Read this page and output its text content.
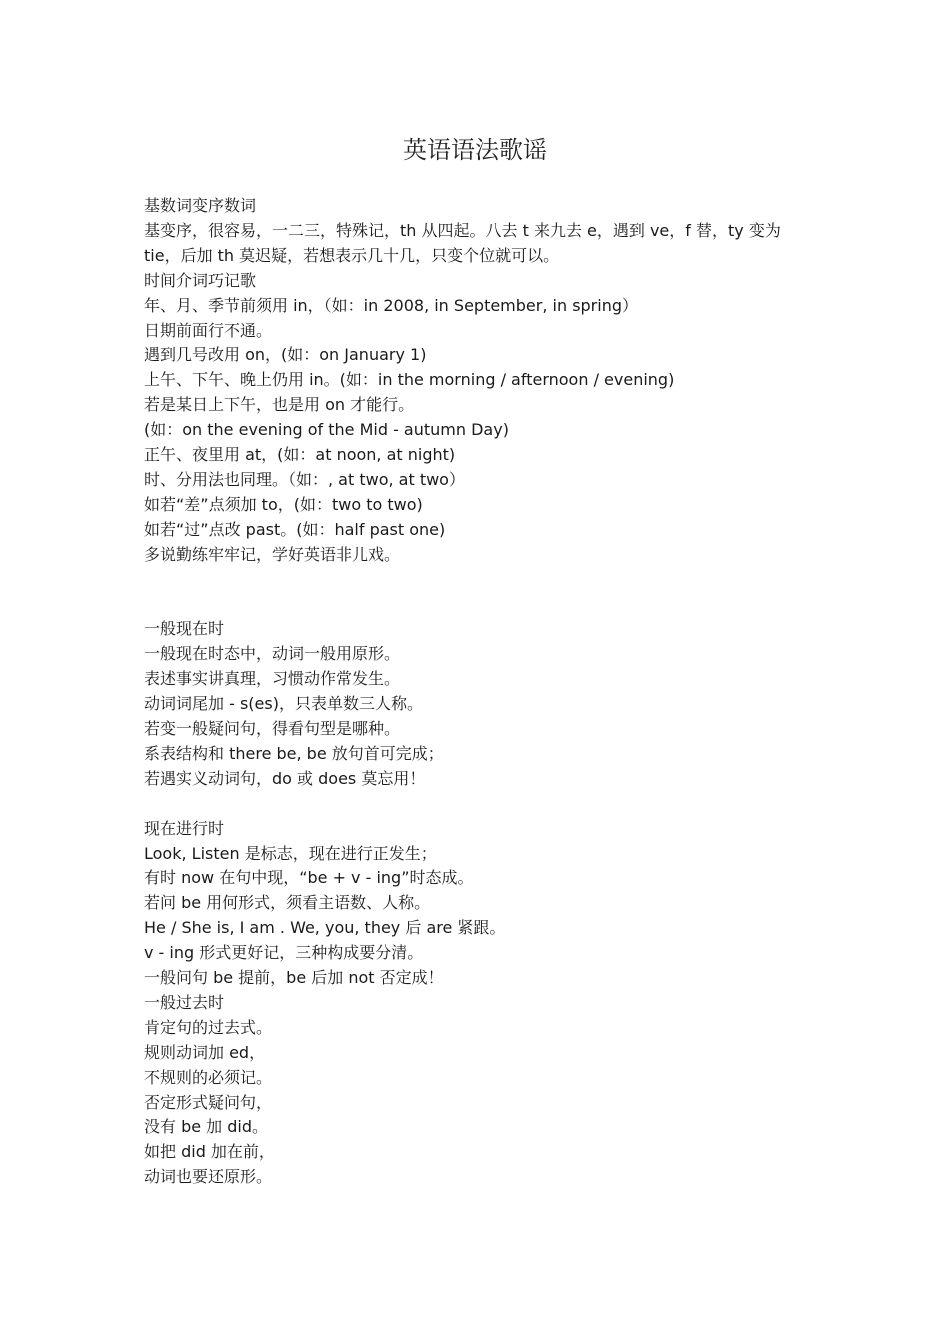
英语语法歌谣
基数词变序数词
基变序，很容易，一二三，特殊记，th 从四起。八去 t 来九去 e，遇到 ve，f 替，ty 变为
tie，后加 th 莫迟疑，若想表示几十几，只变个位就可以。
时间介词巧记歌
年、月、季节前须用 in，（如：in 2008, in September, in spring）
日期前面行不通。
遇到几号改用 on，(如：on January 1)
上午、下午、晚上仍用 in。(如：in the morning / afternoon / evening)
若是某日上下午，也是用 on 才能行。
(如：on the evening of the Mid - autumn Day)
正午、夜里用 at，(如：at noon, at night)
时、分用法也同理。（如：, at two, at two）
如若“差”点须加 to，(如：two to two)
如若“过”点改 past。(如：half past one)
多说勤练牢牢记，学好英语非儿戏。
一般现在时
一般现在时态中，动词一般用原形。
表述事实讲真理，习惯动作常发生。
动词词尾加 - s(es)，只表单数三人称。
若变一般疑问句，得看句型是哪种。
系表结构和 there be, be 放句首可完成；
若遇实义动词句，do 或 does 莫忘用！
现在进行时
Look, Listen 是标志，现在进行正发生；
有时 now 在句中现，“be + v - ing”时态成。
若问 be 用何形式，须看主语数、人称。
He / She is, I am . We, you, they 后 are 紧跟。
v - ing 形式更好记，三种构成要分清。
一般问句 be 提前，be 后加 not 否定成！
一般过去时
肯定句的过去式。
规则动词加 ed，
不规则的必须记。
否定形式疑问句，
没有 be 加 did。
如把 did 加在前，
动词也要还原形。
